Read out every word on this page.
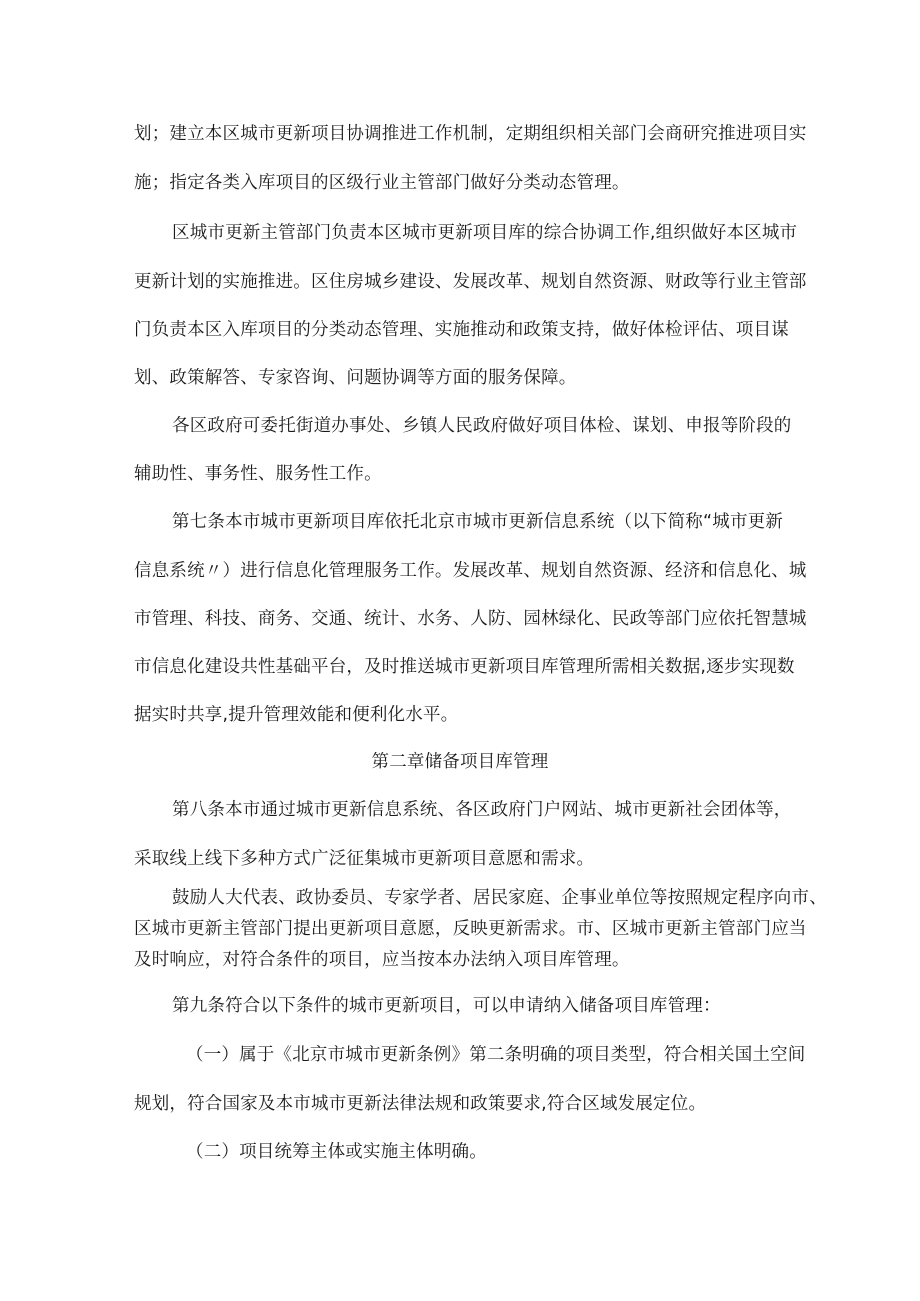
划；建立本区城市更新项目协调推进工作机制，定期组织相关部门会商研究推进项目实
施；指定各类入库项目的区级行业主管部门做好分类动态管理。
区城市更新主管部门负责本区城市更新项目库的综合协调工作,组织做好本区城市
更新计划的实施推进。区住房城乡建设、发展改革、规划自然资源、财政等行业主管部
门负责本区入库项目的分类动态管理、实施推动和政策支持，做好体检评估、项目谋
划、政策解答、专家咨询、问题协调等方面的服务保障。
各区政府可委托街道办事处、乡镇人民政府做好项目体检、谋划、申报等阶段的
辅助性、事务性、服务性工作。
第七条本市城市更新项目库依托北京市城市更新信息系统（以下简称“城市更新
信息系统〃）进行信息化管理服务工作。发展改革、规划自然资源、经济和信息化、城
市管理、科技、商务、交通、统计、水务、人防、园林绿化、民政等部门应依托智慧城
市信息化建设共性基础平台，及时推送城市更新项目库管理所需相关数据,逐步实现数
据实时共享,提升管理效能和便利化水平。
第二章储备项目库管理
第八条本市通过城市更新信息系统、各区政府门户网站、城市更新社会团体等，
采取线上线下多种方式广泛征集城市更新项目意愿和需求。
鼓励人大代表、政协委员、专家学者、居民家庭、企事业单位等按照规定程序向市、
区城市更新主管部门提出更新项目意愿，反映更新需求。市、区城市更新主管部门应当
及时响应，对符合条件的项目，应当按本办法纳入项目库管理。
第九条符合以下条件的城市更新项目，可以申请纳入储备项目库管理：
（一）属于《北京市城市更新条例》第二条明确的项目类型，符合相关国土空间
规划，符合国家及本市城市更新法律法规和政策要求,符合区域发展定位。
（二）项目统筹主体或实施主体明确。
